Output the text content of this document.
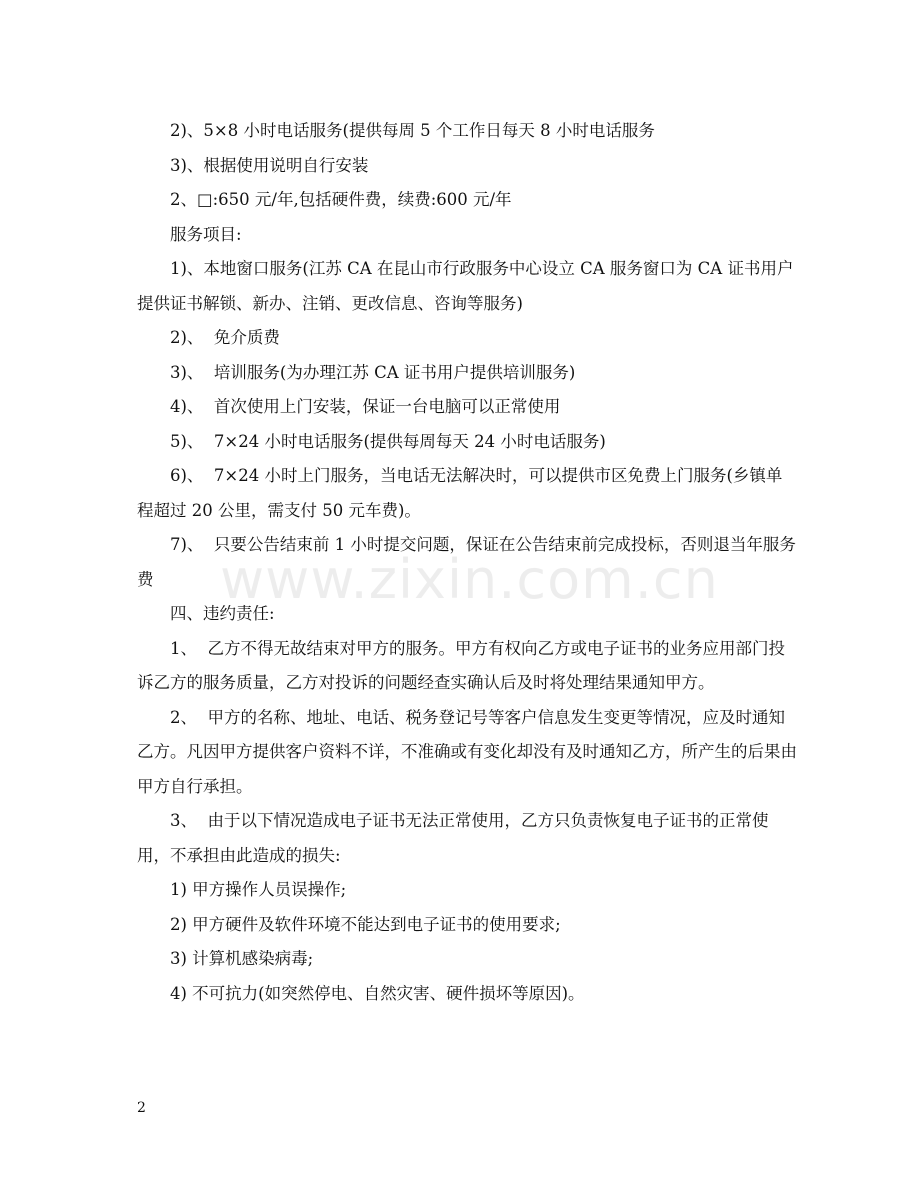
2)、5×8 小时电话服务(提供每周 5 个工作日每天 8 小时电话服务

3)、根据使用说明自行安装

2、□:650 元/年,包括硬件费，续费:600 元/年

服务项目:

1)、本地窗口服务(江苏 CA 在昆山市行政服务中心设立 CA 服务窗口为 CA 证书用户提供证书解锁、新办、注销、更改信息、咨询等服务)

2)、  免介质费

3)、  培训服务(为办理江苏 CA 证书用户提供培训服务)

4)、  首次使用上门安装，保证一台电脑可以正常使用

5)、  7×24 小时电话服务(提供每周每天 24 小时电话服务)

6)、  7×24 小时上门服务，当电话无法解决时，可以提供市区免费上门服务(乡镇单程超过 20 公里，需支付 50 元车费)。

7)、  只要公告结束前 1 小时提交问题，保证在公告结束前完成投标，否则退当年服务费

四、违约责任:

1、  乙方不得无故结束对甲方的服务。甲方有权向乙方或电子证书的业务应用部门投诉乙方的服务质量，乙方对投诉的问题经查实确认后及时将处理结果通知甲方。

2、  甲方的名称、地址、电话、税务登记号等客户信息发生变更等情况，应及时通知乙方。凡因甲方提供客户资料不详，不准确或有变化却没有及时通知乙方，所产生的后果由甲方自行承担。

3、  由于以下情况造成电子证书无法正常使用，乙方只负责恢复电子证书的正常使用，不承担由此造成的损失:

1) 甲方操作人员误操作;

2) 甲方硬件及软件环境不能达到电子证书的使用要求;

3) 计算机感染病毒;

4) 不可抗力(如突然停电、自然灾害、硬件损坏等原因)。

www.zixin.com.cn
2
